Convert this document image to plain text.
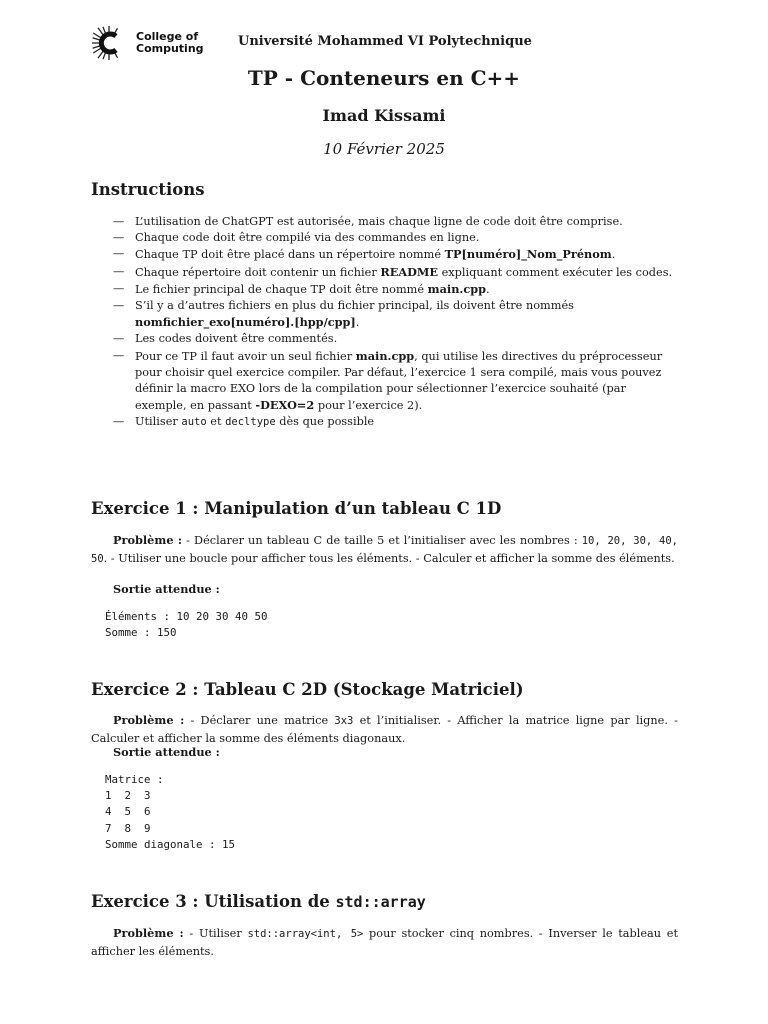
College of
Computing	Université Mohammed VI Polytechnique
TP - Conteneurs en C++
Imad Kissami
10 Février 2025
Instructions
— L’utilisation de ChatGPT est autorisée, mais chaque ligne de code doit être comprise.
— Chaque code doit être compilé via des commandes en ligne.
— Chaque TP doit être placé dans un répertoire nommé TP[numéro]_Nom_Prénom.
— Chaque répertoire doit contenir un fichier README expliquant comment exécuter les codes.
— Le fichier principal de chaque TP doit être nommé main.cpp.
— S’il y a d’autres fichiers en plus du fichier principal, ils doivent être nommés nomfichier_exo[numéro].[hpp/cpp].
— Les codes doivent être commentés.
— Pour ce TP il faut avoir un seul fichier main.cpp, qui utilise les directives du préprocesseur pour choisir quel exercice compiler. Par défaut, l’exercice 1 sera compilé, mais vous pouvez définir la macro EXO lors de la compilation pour sélectionner l’exercice souhaité (par exemple, en passant -DEXO=2 pour l’exercice 2).
— Utiliser auto et decltype dès que possible
Exercice 1 : Manipulation d’un tableau C 1D
Problème : - Déclarer un tableau C de taille 5 et l’initialiser avec les nombres : 10, 20, 30, 40, 50. - Utiliser une boucle pour afficher tous les éléments. - Calculer et afficher la somme des éléments.
Sortie attendue :
Éléments : 10 20 30 40 50
Somme : 150
Exercice 2 : Tableau C 2D (Stockage Matriciel)
Problème : - Déclarer une matrice 3x3 et l’initialiser. - Afficher la matrice ligne par ligne. - Calculer et afficher la somme des éléments diagonaux.
Sortie attendue :
Matrice :
1  2  3
4  5  6
7  8  9
Somme diagonale : 15
Exercice 3 : Utilisation de std::array
Problème : - Utiliser std::array<int, 5> pour stocker cinq nombres. - Inverser le tableau et afficher les éléments.
